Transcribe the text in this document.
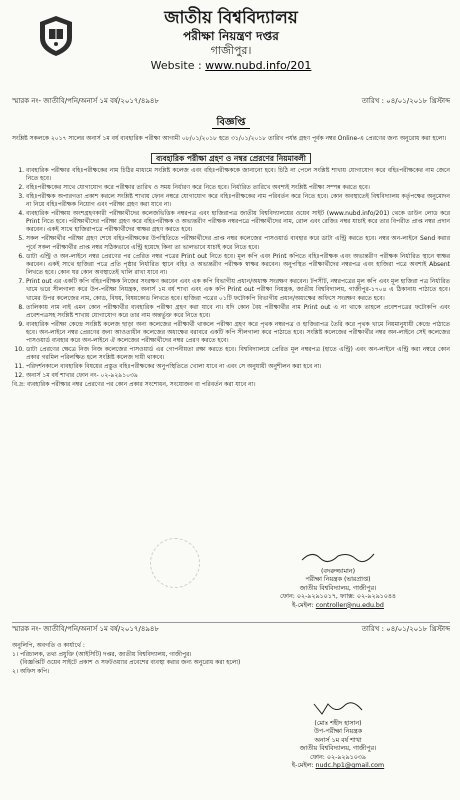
জাতীয় বিশ্ববিদ্যালয়
পরীক্ষা নিয়ন্ত্রণ দপ্তর
গাজীপুর।
Website : www.nubd.info/201
স্মারক নং- জাতীবি/পনি/অনার্স ১ম বর্ষ/২০১৭/৪৯৪৮	তারিখ : ০৪/০১/২০১৮ খ্রিস্টাব্দ
বিজ্ঞপ্তি

সংশ্লিষ্ট সকলকে ২০১৭ সালের অনার্স ১ম বর্ষ ব্যবহারিক পরীক্ষা আগামী ০৮/০১/২০১৮ হতে ৩১/০১/২০১৮ তারিখ পর্যন্ত গ্রহণ পূর্বক নম্বর Online-এ প্রেরণের জন্য অনুরোধ করা হলো।

ব্যবহারিক পরীক্ষা গ্রহণ ও নম্বর প্রেরণের নিয়মাবলী
1. ব্যবহারিক পরীক্ষার বহিঃপরীক্ষকের নাম চিঠির মাধ্যমে সংশ্লিষ্ট কলেজ এবং বহিঃপরীক্ষককে জানানো হবে। চিঠি না পেলে সংশ্লিষ্ট শাখায় যোগাযোগ করে বহিঃপরীক্ষকের নাম জেনে নিতে হবে।
2. বহিঃপরীক্ষকের সাথে যোগাযোগ করে পরীক্ষার তারিখ ও সময় নির্ধারণ করে নিতে হবে। নির্ধারিত তারিখে অবশ্যই সংশ্লিষ্ট পরীক্ষা সম্পন্ন করতে হবে।
3. বহিঃপরীক্ষক অপারগতা প্রকাশ করলে সংশ্লিষ্ট শাখায় ফোন নম্বরে যোগাযোগ করে বহিঃপরীক্ষকের নাম পরিবর্তন করে নিতে হবে। কোন অবস্থাতেই বিশ্ববিদ্যালয় কর্তৃপক্ষের অনুমোদন না নিয়ে বহিঃপরীক্ষক নিয়োগ এবং পরীক্ষা গ্রহণ করা যাবে না।
4. ব্যবহারিক পরীক্ষায় অংশগ্রহণকারী পরীক্ষার্থীদের কলেজভিত্তিক নম্বরপত্র এবং হাজিরাপত্র জাতীয় বিশ্ববিদ্যালয়ের ওয়েব সাইট (www.nubd.info/201) থেকে ডাউন লোড করে Print নিতে হবে। পরীক্ষার্থীদের পরীক্ষা গ্রহণ করে বহিঃপরীক্ষক ও অভ্যন্তরীণ পরীক্ষক নম্বরপত্রে পরীক্ষার্থীদের নাম, রোল এবং রেজিঃ নম্বর যাচাই করে তার বিপরীত প্রাপ্ত নম্বর প্রদান করবেন। একই সাথে হাজিরাপত্রে পরীক্ষার্থীদের স্বাক্ষর গ্রহণ করতে হবে।
5. সকল পরীক্ষার্থীর পরীক্ষা গ্রহণ শেষে বহিঃপরীক্ষকের উপস্থিতিতে পরীক্ষার্থীদের প্রাপ্ত নম্বর কলেজের পাসওয়ার্ড ব্যবহার করে ডাটা এন্ট্রি করতে হবে। নম্বর অন-লাইনে Send করার পূর্বে সকল পরীক্ষার্থীর প্রাপ্ত নম্বর সঠিকভাবে এন্ট্রি হয়েছে কিনা তা ভালভাবে যাচাই করে নিতে হবে।
6. ডাটা এন্ট্রি ও অন-লাইনে নম্বর প্রেরণের পর প্রেরিত নম্বর পত্রের Print out নিতে হবে। মূল কপি এবং Print কপিতে বহিঃপরীক্ষক এবং অভ্যন্তরীণ পরীক্ষক নির্ধারিত স্থানে স্বাক্ষর করবেন। একই সাথে হাজিরা পত্রে প্রতি পৃষ্ঠার নির্ধারিত স্থানে বহিঃ ও অভ্যন্তরীণ পরীক্ষক স্বাক্ষর করবেন। অনুপস্থিত পরীক্ষার্থীদের নম্বরপত্র এবং হাজিরা পত্রে অবশ্যই Absent লিখতে হবে। কোন ঘর কোন অবস্থাতেই খালি রাখা যাবে না।
7. Print out এর একটি কপি বহিঃপরীক্ষক নিজের সংরক্ষণ করবেন এবং এক কপি বিভাগীয় প্রধান/অধ্যক্ষ সংরক্ষণ করবেন। টপসীট, নম্বরপত্রের মূল কপি এবং মূল হাজিরা পত্র নির্ধারিত খামে ভরে সীলগালা করে উপ-পরীক্ষা নিয়ন্ত্রক, অনার্স ১ম বর্ষ শাখা এবং এক কপি Print out পরীক্ষা নিয়ন্ত্রক, জাতীয় বিশ্ববিদ্যালয়, গাজীপুর-১৭০৪ এ ঠিকানায় পাঠাতে হবে। খামের উপর কলেজের নাম, কোড, বিষয়, বিষয়কোড লিখতে হবে। হাজিরা পত্রের ০১টি ফটোকপি বিভাগীয় প্রধান/অধ্যক্ষের অফিসে সংরক্ষণ করতে হবে।
8. তালিকায় নাম নাই এমন কোন পরীক্ষার্থীর ব্যবহারিক পরীক্ষা গ্রহণ করা যাবে না। যদি কোন বৈধ পরীক্ষার্থীর নাম Print out এ না থাকে তাহলে প্রবেশপত্রের ফটোকপি এবং প্রবেশপত্রসহ সংশ্লিষ্ট শাখায় যোগাযোগ করে তার নাম অন্তর্ভুক্ত করে নিতে হবে।
9. ব্যবহারিক পরীক্ষা কেন্দ্রে সংশ্লিষ্ট কলেজ ছাড়া অন্য কলেজের পরীক্ষার্থী থাকলে পরীক্ষা গ্রহণ করে পৃথক নম্বরপত্র ও হাজিরাপত্র তৈরি করে পৃথক খামে নিয়মানুযায়ী কেন্দ্রে পাঠাতে হবে। অন-লাইনে নম্বর প্রেরণের জন্য আওতাধীন কলেজের অধ্যক্ষের বরাবরে একটি কপি সীলগালা করে পাঠাতে হবে। সংশ্লিষ্ট কলেজের পরীক্ষার্থীর নম্বর অন-লাইনে সেই কলেজের পাসওয়ার্ড ব্যবহার করে অন-লাইনে ঐ কলেজের পরীক্ষার্থীদের নম্বর প্রেরণ করতে হবে।
10. ডাটা প্রেরণের ক্ষেত্রে নিজ নিজ কলেজের পাসওয়ার্ড এর গোপনীয়তা রক্ষা করতে হবে। বিশ্ববিদ্যালয়ে প্রেরিত মূল নম্বরপত্র (হাতে এন্ট্রি) এবং অন-লাইনে এন্ট্রি করা নম্বরে কোন প্রকার গরমিল পরিলক্ষিত হলে সংশ্লিষ্ট কলেজ দায়ী থাকবে।
11. পরিদর্শনকালে ব্যবহারিক বিষয়ের প্রস্তুত বহিঃপরীক্ষকের অনুপস্থিতিতে খোলা যাবে না এবং সে অনুযায়ী অনুশীলন করা হবে না।
12. অনার্স ১ম বর্ষ শাখার ফোন নং- ০২-৯২৯১০৩৯
বি.দ্র: ব্যবহারিক পরীক্ষার নম্বর প্রেরণের পর কোন প্রকার সংশোধন, সংযোজন বা পরিবর্তন করা যাবে না।
(বদরুজ্জামান)
পরীক্ষা নিয়ন্ত্রক (ভারপ্রাপ্ত)
জাতীয় বিশ্ববিদ্যালয়, গাজীপুর।
ফোন: ০২-৯২৯১০১৭, ফ্যাক্স: ০২-৯২৯১০৪৪
ই-মেইল: controller@nu.edu.bd
স্মারক নং- জাতীবি/পনি/অনার্স ১ম বর্ষ/২০১৭/৪৯৪৮	তারিখ : ০৪/০১/২০১৮ খ্রিস্টাব্দ
অনুলিপি, অবগতি ও কার্যার্থে :
১। পরিচালক, তথ্য প্রযুক্তি (আইসিটি) দপ্তর, জাতীয় বিশ্ববিদ্যালয়, গাজীপুর।
(বিজ্ঞপ্তিটি ওয়েব সাইটে প্রকাশ ও সফটওয়্যার প্রবেশের ব্যবস্থা করার জন্য অনুরোধ করা হলো)
২। অফিস কপি।
(মোঃ শহীদ হাসান)
উপ-পরীক্ষা নিয়ন্ত্রক
অনার্স ১ম বর্ষ শাখা
জাতীয় বিশ্ববিদ্যালয়, গাজীপুর।
ফোন: ০২-৯২৯১০৩৯
ই-মেইল: nudc.hp1@gmail.com
